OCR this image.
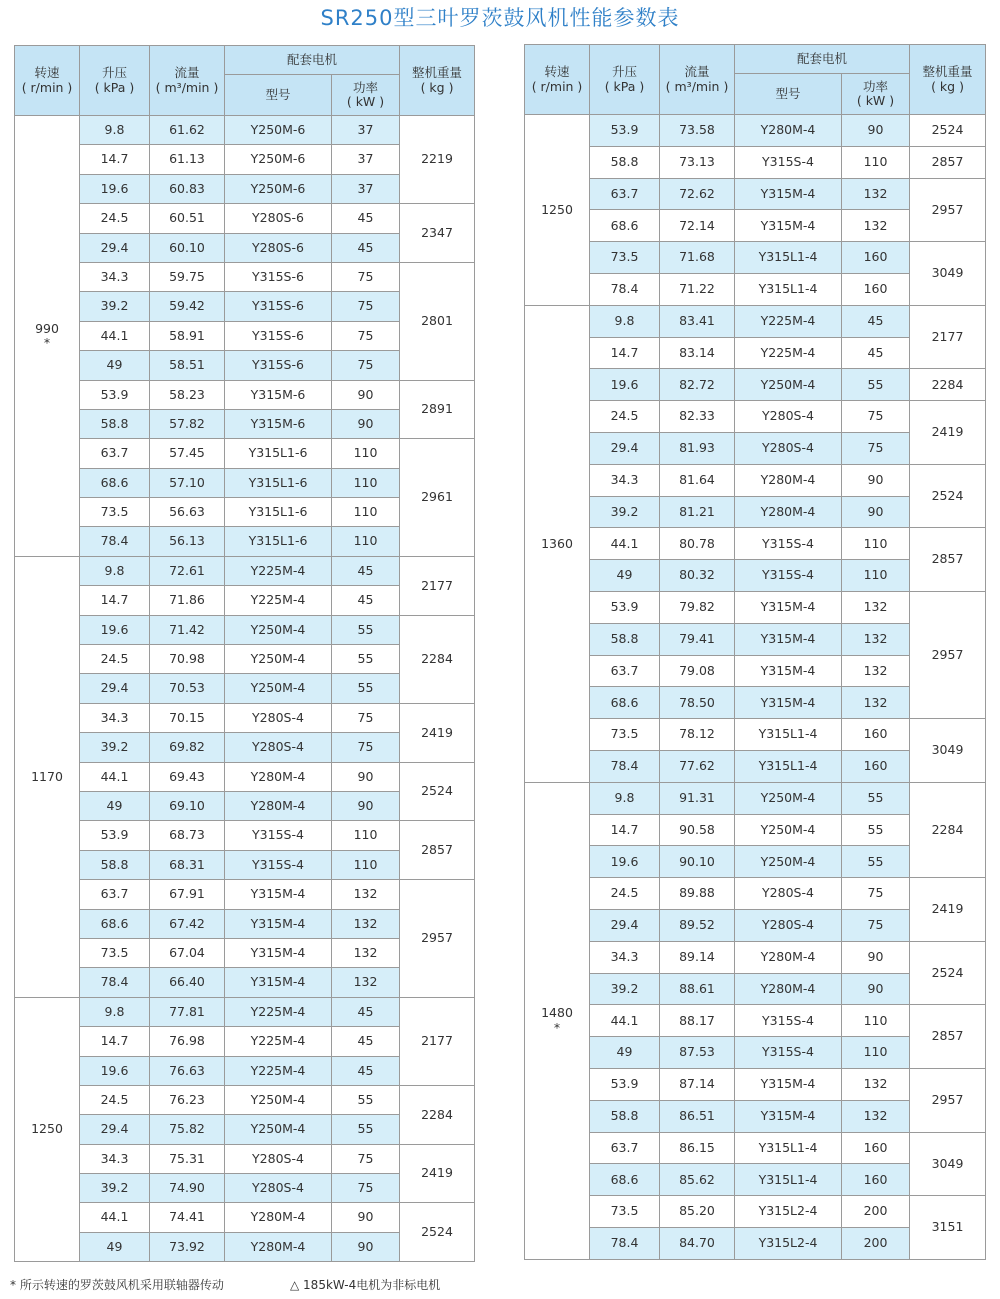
SR250型三叶罗茨鼓风机性能参数表
转速
( r/min )	升压
( kPa )	流量
( m³/min )	配套电机		整机重量
( kg )
			型号	功率
( kW )	
990
*	9.8	61.62	Y250M-6	37	2219
	14.7	61.13	Y250M-6	37	
	19.6	60.83	Y250M-6	37	
	24.5	60.51	Y280S-6	45	2347
	29.4	60.10	Y280S-6	45	
	34.3	59.75	Y315S-6	75	2801
	39.2	59.42	Y315S-6	75	
	44.1	58.91	Y315S-6	75	
	49	58.51	Y315S-6	75	
	53.9	58.23	Y315M-6	90	2891
	58.8	57.82	Y315M-6	90	
	63.7	57.45	Y315L1-6	110	2961
	68.6	57.10	Y315L1-6	110	
	73.5	56.63	Y315L1-6	110	
	78.4	56.13	Y315L1-6	110	
1170	9.8	72.61	Y225M-4	45	2177
	14.7	71.86	Y225M-4	45	
	19.6	71.42	Y250M-4	55	2284
	24.5	70.98	Y250M-4	55	
	29.4	70.53	Y250M-4	55	
	34.3	70.15	Y280S-4	75	2419
	39.2	69.82	Y280S-4	75	
	44.1	69.43	Y280M-4	90	2524
	49	69.10	Y280M-4	90	
	53.9	68.73	Y315S-4	110	2857
	58.8	68.31	Y315S-4	110	
	63.7	67.91	Y315M-4	132	2957
	68.6	67.42	Y315M-4	132	
	73.5	67.04	Y315M-4	132	
	78.4	66.40	Y315M-4	132	
1250	9.8	77.81	Y225M-4	45	2177
	14.7	76.98	Y225M-4	45	
	19.6	76.63	Y225M-4	45	
	24.5	76.23	Y250M-4	55	2284
	29.4	75.82	Y250M-4	55	
	34.3	75.31	Y280S-4	75	2419
	39.2	74.90	Y280S-4	75	
	44.1	74.41	Y280M-4	90	2524
	49	73.92	Y280M-4	90	
转速
( r/min )	升压
( kPa )	流量
( m³/min )	配套电机		整机重量
( kg )
			型号	功率
( kW )	
1250	53.9	73.58	Y280M-4	90	2524
	58.8	73.13	Y315S-4	110	2857
	63.7	72.62	Y315M-4	132	2957
	68.6	72.14	Y315M-4	132	
	73.5	71.68	Y315L1-4	160	3049
	78.4	71.22	Y315L1-4	160	
1360	9.8	83.41	Y225M-4	45	2177
	14.7	83.14	Y225M-4	45	
	19.6	82.72	Y250M-4	55	2284
	24.5	82.33	Y280S-4	75	2419
	29.4	81.93	Y280S-4	75	
	34.3	81.64	Y280M-4	90	2524
	39.2	81.21	Y280M-4	90	
	44.1	80.78	Y315S-4	110	2857
	49	80.32	Y315S-4	110	
	53.9	79.82	Y315M-4	132	2957
	58.8	79.41	Y315M-4	132	
	63.7	79.08	Y315M-4	132	
	68.6	78.50	Y315M-4	132	
	73.5	78.12	Y315L1-4	160	3049
	78.4	77.62	Y315L1-4	160	
1480
*	9.8	91.31	Y250M-4	55	2284
	14.7	90.58	Y250M-4	55	
	19.6	90.10	Y250M-4	55	
	24.5	89.88	Y280S-4	75	2419
	29.4	89.52	Y280S-4	75	
	34.3	89.14	Y280M-4	90	2524
	39.2	88.61	Y280M-4	90	
	44.1	88.17	Y315S-4	110	2857
	49	87.53	Y315S-4	110	
	53.9	87.14	Y315M-4	132	2957
	58.8	86.51	Y315M-4	132	
	63.7	86.15	Y315L1-4	160	3049
	68.6	85.62	Y315L1-4	160	
	73.5	85.20	Y315L2-4	200	3151
	78.4	84.70	Y315L2-4	200	
* 所示转速的罗茨鼓风机采用联轴器传动	△ 185kW-4电机为非标电机
